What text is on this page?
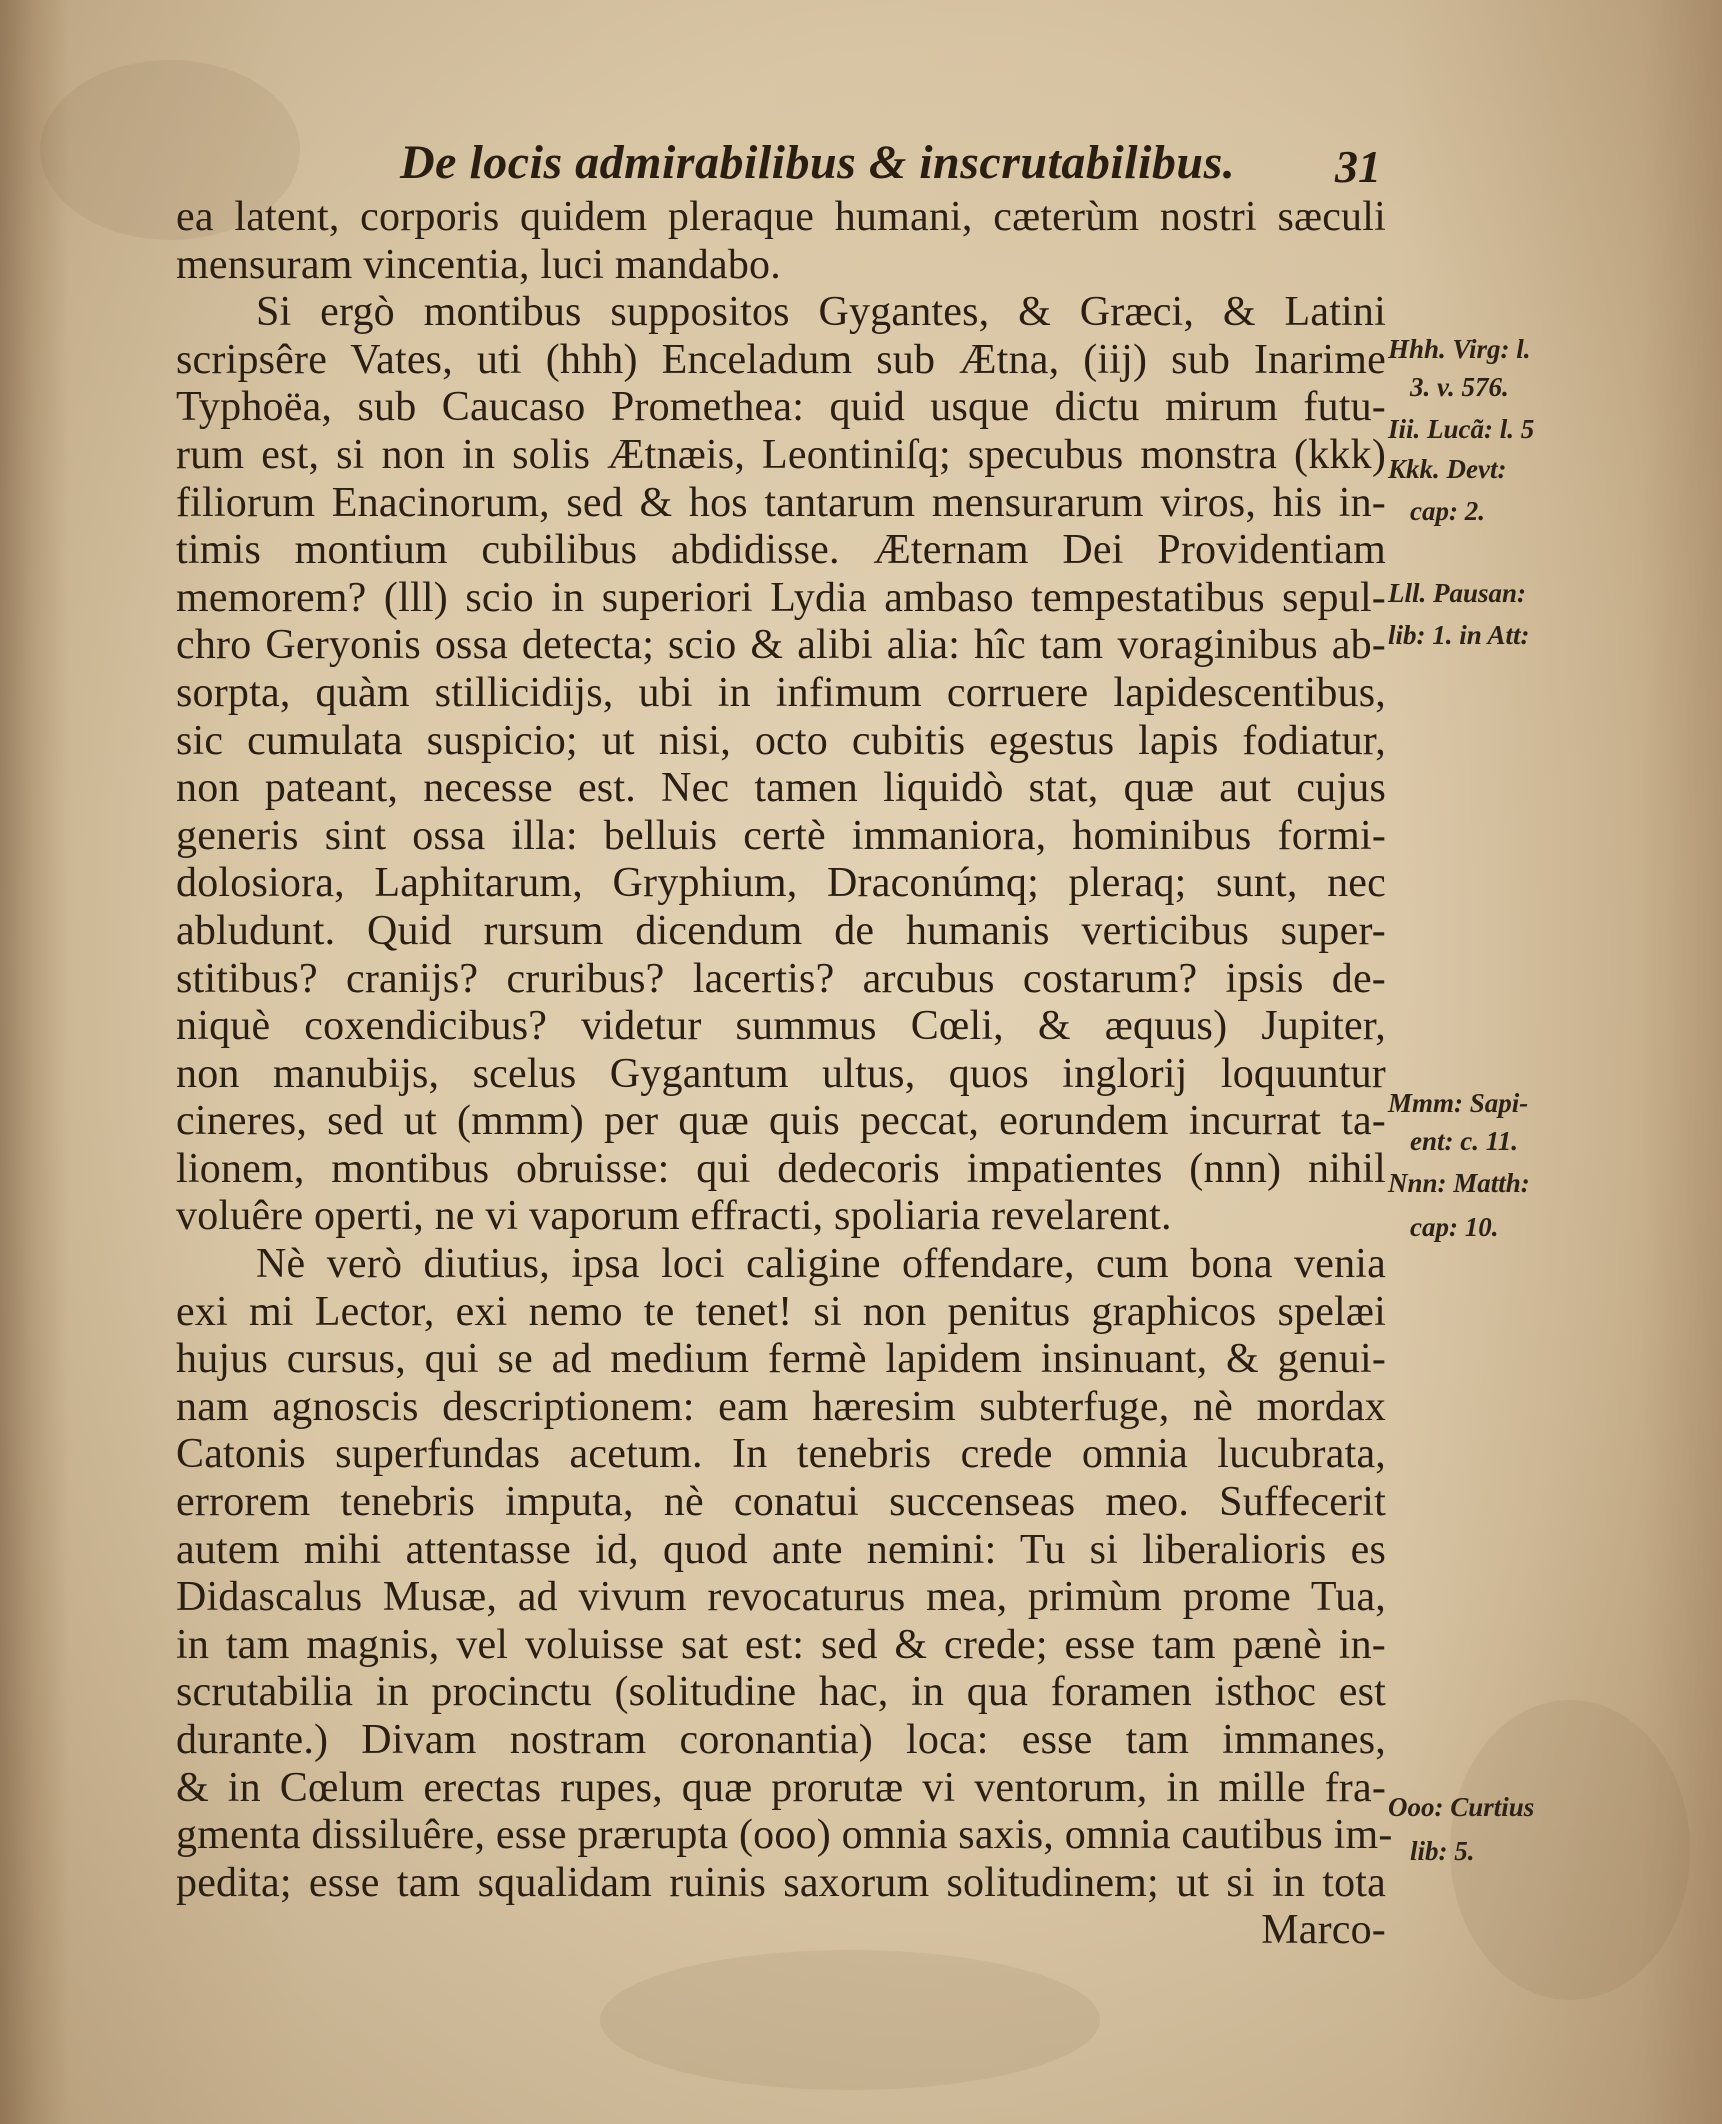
De locis admirabilibus & inscrutabilibus. 31
ea latent, corporis quidem pleraque humani, cæterùm nostri sæculi
mensuram vincentia, luci mandabo.
Si ergò montibus suppositos Gygantes, & Græci, & Latini
scripsêre Vates, uti (hhh) Enceladum sub Ætna, (iij) sub Inarime
Typhoëa, sub Caucaso Promethea: quid usque dictu mirum futu-
rum est, si non in solis Ætnæis, Leontiniſq; specubus monstra (kkk)
filiorum Enacinorum, sed & hos tantarum mensurarum viros, his in-
timis montium cubilibus abdidisse. Æternam Dei Providentiam
memorem? (lll) scio in superiori Lydia ambaso tempestatibus sepul-
chro Geryonis ossa detecta; scio & alibi alia: hîc tam voraginibus ab-
sorpta, quàm stillicidijs, ubi in infimum corruere lapidescentibus,
sic cumulata suspicio; ut nisi, octo cubitis egestus lapis fodiatur,
non pateant, necesse est. Nec tamen liquidò stat, quæ aut cujus
generis sint ossa illa: belluis certè immaniora, hominibus formi-
dolosiora, Laphitarum, Gryphium, Draconúmq; pleraq; sunt, nec
abludunt. Quid rursum dicendum de humanis verticibus super-
stitibus? cranijs? cruribus? lacertis? arcubus costarum? ipsis de-
niquè coxendicibus? videtur summus Cœli, & æquus) Jupiter,
non manubijs, scelus Gygantum ultus, quos inglorij loquuntur
cineres, sed ut (mmm) per quæ quis peccat, eorundem incurrat ta-
lionem, montibus obruisse: qui dedecoris impatientes (nnn) nihil
voluêre operti, ne vi vaporum effracti, spoliaria revelarent.
Nè verò diutius, ipsa loci caligine offendare, cum bona venia
exi mi Lector, exi nemo te tenet! si non penitus graphicos spelæi
hujus cursus, qui se ad medium fermè lapidem insinuant, & genui-
nam agnoscis descriptionem: eam hæresim subterfuge, nè mordax
Catonis superfundas acetum. In tenebris crede omnia lucubrata,
errorem tenebris imputa, nè conatui succenseas meo. Suffecerit
autem mihi attentasse id, quod ante nemini: Tu si liberalioris es
Didascalus Musæ, ad vivum revocaturus mea, primùm prome Tua,
in tam magnis, vel voluisse sat est: sed & crede; esse tam pænè in-
scrutabilia in procinctu (solitudine hac, in qua foramen isthoc est
durante.) Divam nostram coronantia) loca: esse tam immanes,
& in Cœlum erectas rupes, quæ prorutæ vi ventorum, in mille fra-
gmenta dissiluêre, esse prærupta (ooo) omnia saxis, omnia cautibus im-
pedita; esse tam squalidam ruinis saxorum solitudinem; ut si in tota
Marco-
Hhh. Virg: l.
3. v. 576.
Iii. Lucã: l. 5
Kkk. Devt:
cap: 2.
Lll. Pausan:
lib: 1. in Att:
Mmm: Sapi-
ent: c. 11.
Nnn: Matth:
cap: 10.
Ooo: Curtius
lib: 5.
